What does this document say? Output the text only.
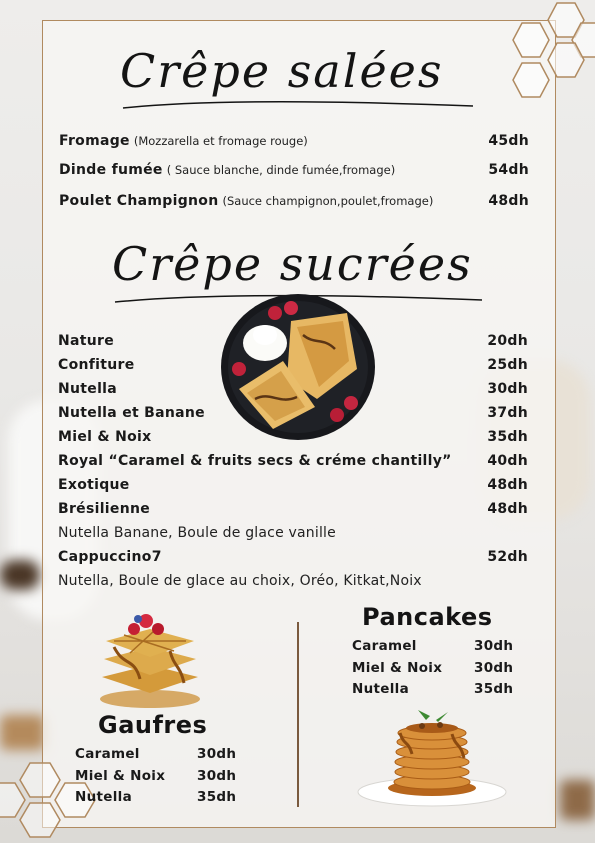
Crêpe salées
Fromage (Mozzarella et fromage rouge)	45dh
Dinde fumée ( Sauce blanche, dinde fumée,fromage)	54dh
Poulet Champignon (Sauce champignon,poulet,fromage)	48dh
Crêpe sucrées
Nature	20dh
Confiture	25dh
Nutella	30dh
Nutella et Banane	37dh
Miel & Noix	35dh
Royal “Caramel & fruits secs & créme chantilly”	40dh
Exotique	48dh
Brésilienne	48dh
Nutella Banane, Boule de glace vanille
Cappuccino7	52dh
Nutella, Boule de glace au choix, Oréo, Kitkat,Noix
Gaufres
Caramel	30dh
Miel & Noix 30dh
Nutella	35dh
Pancakes
Caramel	30dh
Miel & Noix 30dh
Nutella	35dh
